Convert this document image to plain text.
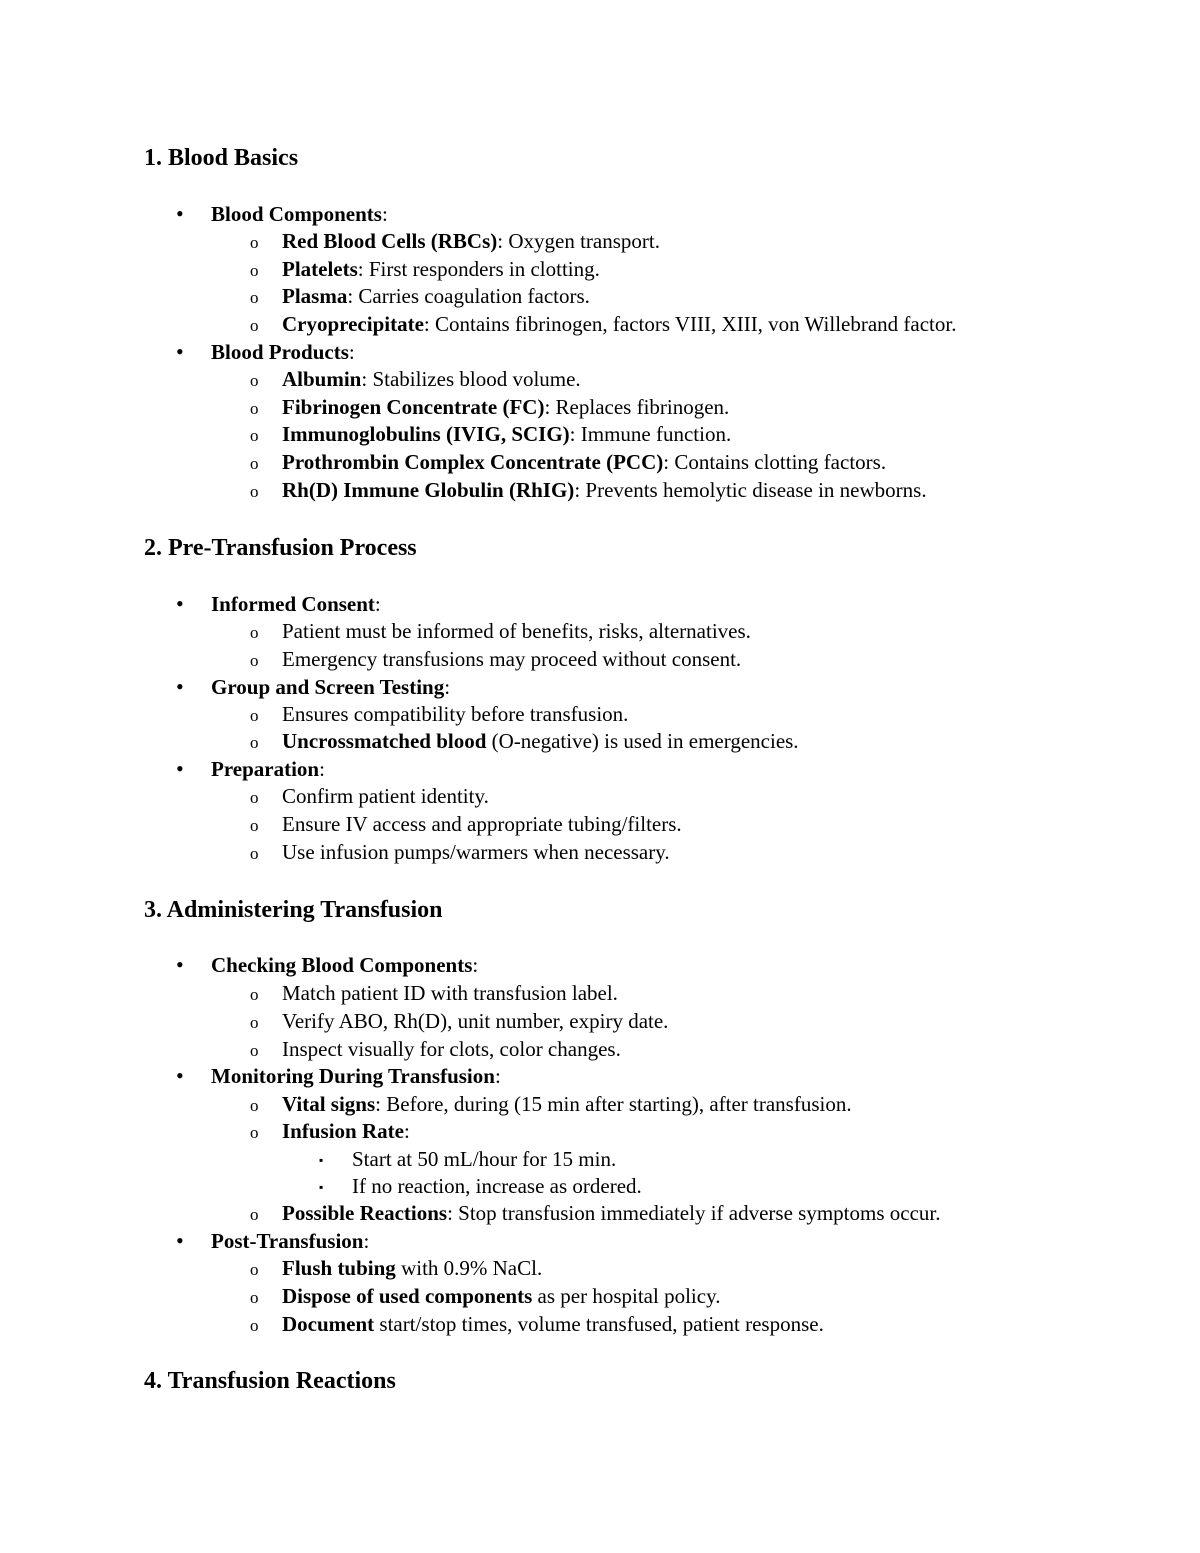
1. Blood Basics
• Blood Components:
o Red Blood Cells (RBCs): Oxygen transport.
o Platelets: First responders in clotting.
o Plasma: Carries coagulation factors.
o Cryoprecipitate: Contains fibrinogen, factors VIII, XIII, von Willebrand factor.
• Blood Products:
o Albumin: Stabilizes blood volume.
o Fibrinogen Concentrate (FC): Replaces fibrinogen.
o Immunoglobulins (IVIG, SCIG): Immune function.
o Prothrombin Complex Concentrate (PCC): Contains clotting factors.
o Rh(D) Immune Globulin (RhIG): Prevents hemolytic disease in newborns.
2. Pre-Transfusion Process
• Informed Consent:
o Patient must be informed of benefits, risks, alternatives.
o Emergency transfusions may proceed without consent.
• Group and Screen Testing:
o Ensures compatibility before transfusion.
o Uncrossmatched blood (O-negative) is used in emergencies.
• Preparation:
o Confirm patient identity.
o Ensure IV access and appropriate tubing/filters.
o Use infusion pumps/warmers when necessary.
3. Administering Transfusion
• Checking Blood Components:
o Match patient ID with transfusion label.
o Verify ABO, Rh(D), unit number, expiry date.
o Inspect visually for clots, color changes.
• Monitoring During Transfusion:
o Vital signs: Before, during (15 min after starting), after transfusion.
o Infusion Rate:
▪ Start at 50 mL/hour for 15 min.
▪ If no reaction, increase as ordered.
o Possible Reactions: Stop transfusion immediately if adverse symptoms occur.
• Post-Transfusion:
o Flush tubing with 0.9% NaCl.
o Dispose of used components as per hospital policy.
o Document start/stop times, volume transfused, patient response.
4. Transfusion Reactions
